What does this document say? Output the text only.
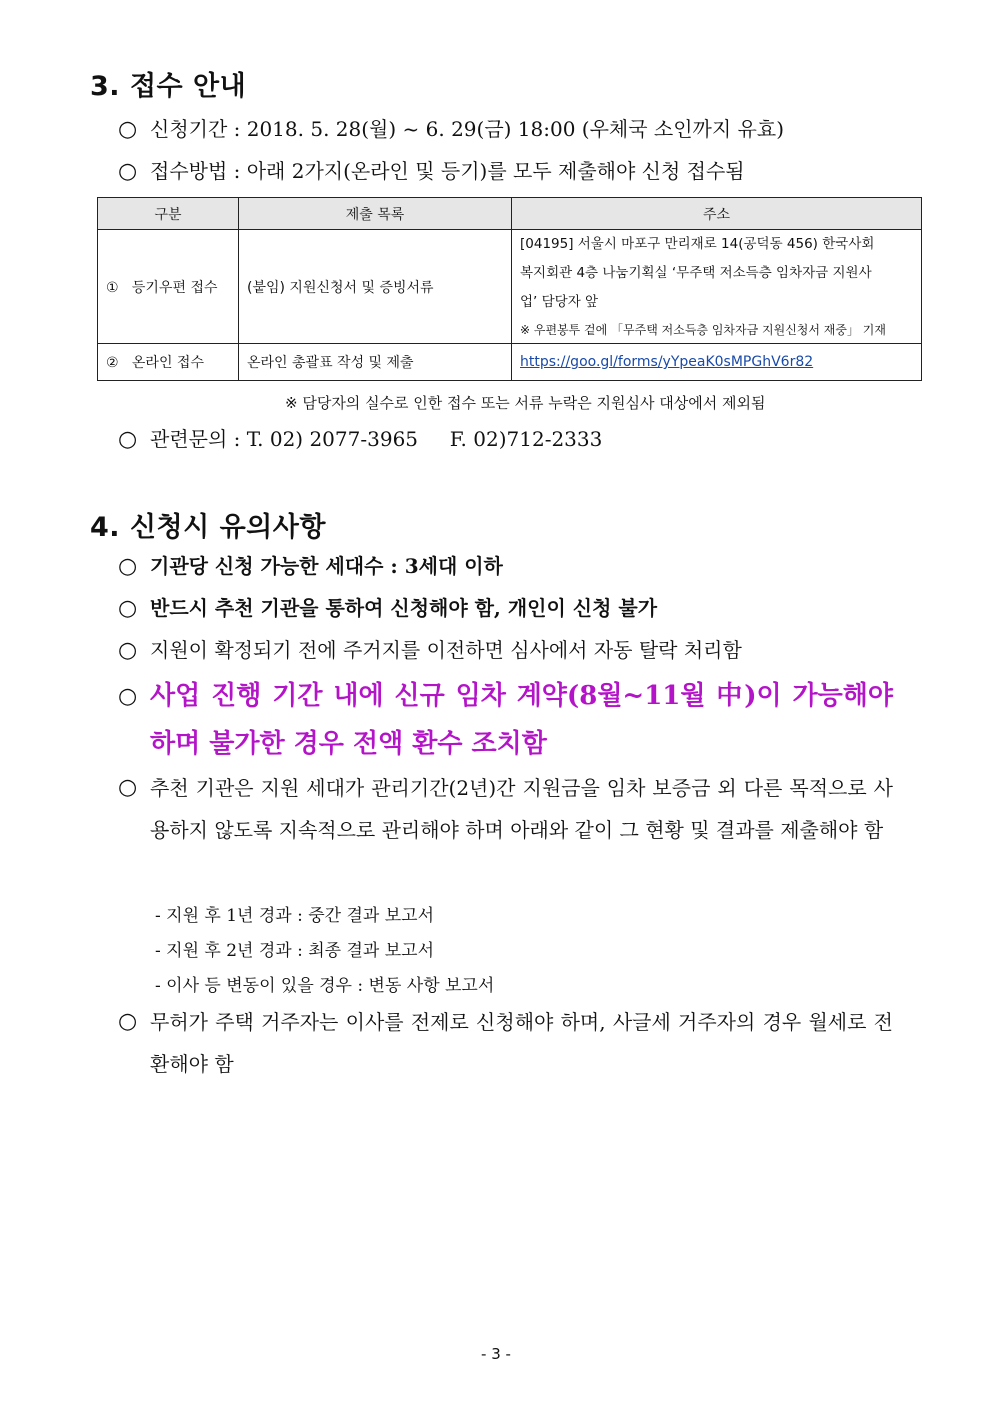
3. 접수 안내
○ 신청기간 : 2018. 5. 28(월) ~ 6. 29(금) 18:00 (우체국 소인까지 유효)
○ 접수방법 : 아래 2가지(온라인 및 등기)를 모두 제출해야 신청 접수됨
구분	제출 목록	주소
①   등기우편 접수	(붙임) 지원신청서 및 증빙서류	[04195] 서울시 마포구 만리재로 14(공덕동 456) 한국사회
복지회관 4층 나눔기획실 ‘무주택 저소득층 임차자금 지원사
업’ 담당자 앞
※ 우편봉투 겉에 「무주택 저소득층 임차자금 지원신청서 재중」 기재

②   온라인 접수	온라인 총괄표 작성 및 제출	https://goo.gl/forms/yYpeaK0sMPGhV6r82
※ 담당자의 실수로 인한 접수 또는 서류 누락은 지원심사 대상에서 제외됨
○ 관련문의 : T. 02) 2077-3965     F. 02)712-2333
4. 신청시 유의사항
○ 기관당 신청 가능한 세대수 : 3세대 이하
○ 반드시 추천 기관을 통하여 신청해야 함, 개인이 신청 불가
○ 지원이 확정되기 전에 주거지를 이전하면 심사에서 자동 탈락 처리함
○ 사업 진행 기간 내에 신규 임차 계약(8월~11월 中)이 가능해야 하며 불가한 경우 전액 환수 조치함
○ 추천 기관은 지원 세대가 관리기간(2년)간 지원금을 임차 보증금 외 다른 목적으로 사용하지 않도록 지속적으로 관리해야 하며 아래와 같이 그 현황 및 결과를 제출해야 함
- 지원 후 1년 경과 : 중간 결과 보고서
- 지원 후 2년 경과 : 최종 결과 보고서
- 이사 등 변동이 있을 경우 : 변동 사항 보고서
○ 무허가 주택 거주자는 이사를 전제로 신청해야 하며, 사글세 거주자의 경우 월세로 전환해야 함
- 3 -
